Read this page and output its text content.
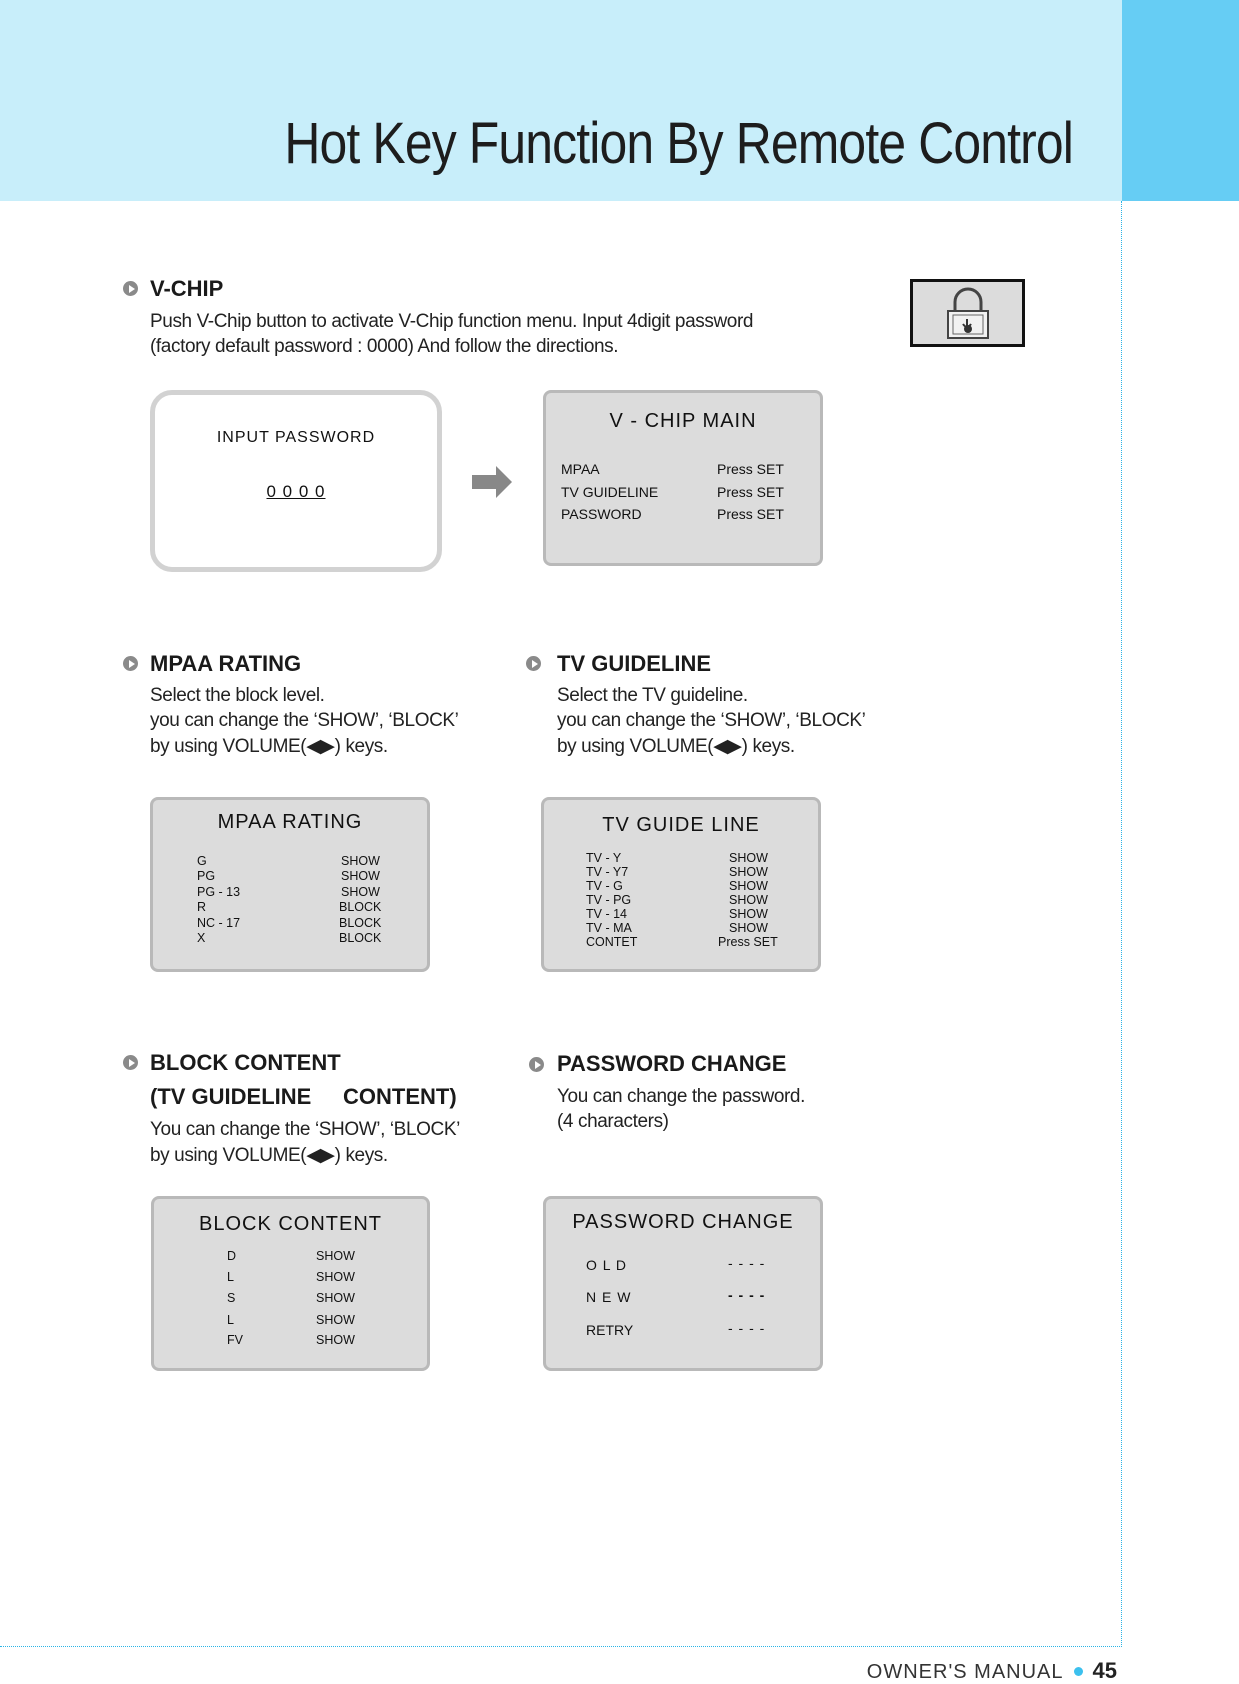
Hot Key Function By Remote Control
OWNER'S MANUAL 45
V-CHIP
Push V-Chip button to activate V-Chip function menu. Input 4digit password
(factory default password : 0000) And follow the directions.
INPUT PASSWORD
0 0 0 0
V - CHIP MAIN
MPAA	Press SET
TV GUIDELINE	Press SET
PASSWORD	Press SET
MPAA RATING
Select the block level.
you can change the ‘SHOW’, ‘BLOCK’
by using VOLUME(◀▶) keys.
TV GUIDELINE
Select the TV guideline.
you can change the ‘SHOW’, ‘BLOCK’
by using VOLUME(◀▶) keys.
MPAA RATING
G	SHOW
PG	SHOW
PG - 13	SHOW
R	BLOCK
NC - 17	BLOCK
X	BLOCK
TV GUIDE LINE
TV - Y	SHOW
TV - Y7	SHOW
TV - G	SHOW
TV - PG	SHOW
TV - 14	SHOW
TV - MA	SHOW
CONTET	Press SET
BLOCK CONTENT
(TV GUIDELINE CONTENT)
You can change the ‘SHOW’, ‘BLOCK’
by using VOLUME(◀▶) keys.
PASSWORD CHANGE
You can change the password.
(4 characters)
BLOCK CONTENT
D	SHOW
L	SHOW
S	SHOW
L	SHOW
FV	SHOW
PASSWORD CHANGE
O L D	- - - -
N E W	- - - -
RETRY	- - - -
